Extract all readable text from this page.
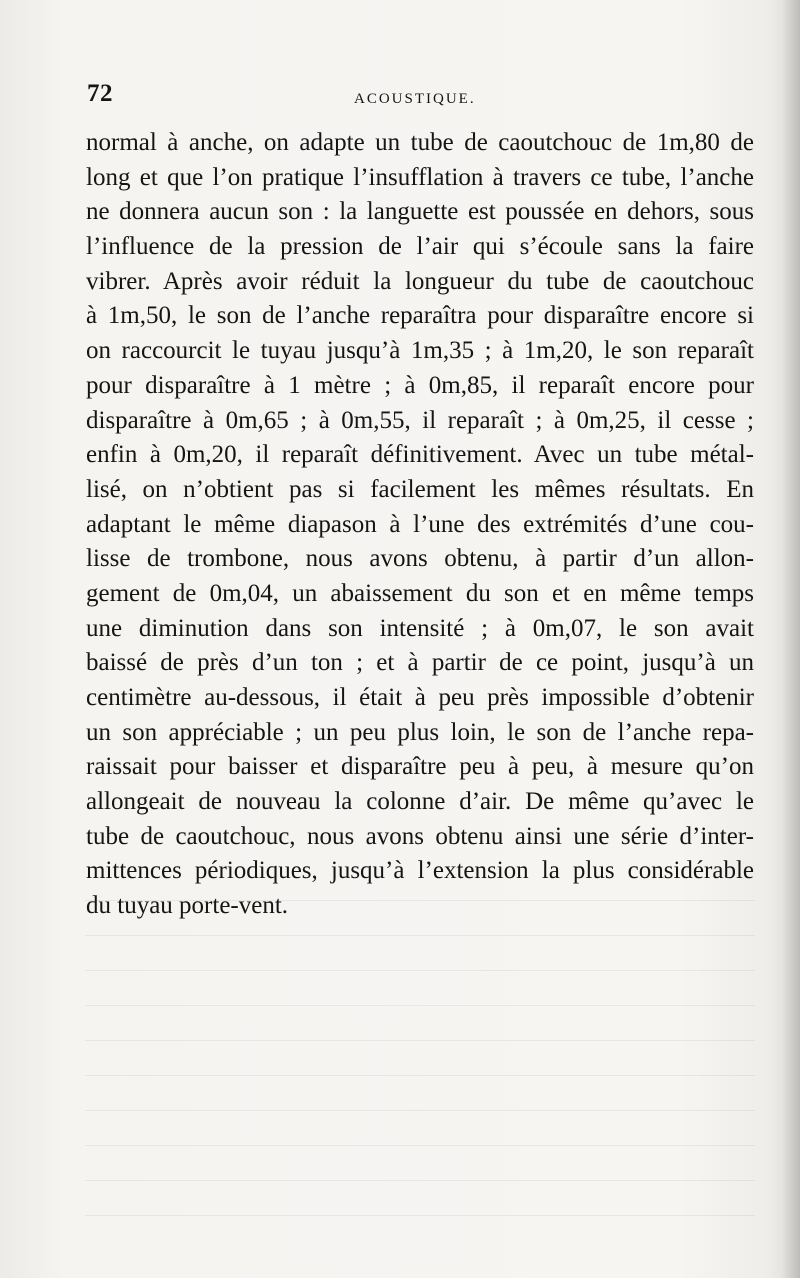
72	ACOUSTIQUE.
normal à anche, on adapte un tube de caoutchouc de 1m,80 de
long et que l’on pratique l’insufflation à travers ce tube, l’anche
ne donnera aucun son : la languette est poussée en dehors, sous
l’influence de la pression de l’air qui s’écoule sans la faire
vibrer. Après avoir réduit la longueur du tube de caoutchouc
à 1m,50, le son de l’anche reparaîtra pour disparaître encore si
on raccourcit le tuyau jusqu’à 1m,35 ; à 1m,20, le son reparaît
pour disparaître à 1 mètre ; à 0m,85, il reparaît encore pour
disparaître à 0m,65 ; à 0m,55, il reparaît ; à 0m,25, il cesse ;
enfin à 0m,20, il reparaît définitivement. Avec un tube métal-
lisé, on n’obtient pas si facilement les mêmes résultats. En
adaptant le même diapason à l’une des extrémités d’une cou-
lisse de trombone, nous avons obtenu, à partir d’un allon-
gement de 0m,04, un abaissement du son et en même temps
une diminution dans son intensité ; à 0m,07, le son avait
baissé de près d’un ton ; et à partir de ce point, jusqu’à un
centimètre au-dessous, il était à peu près impossible d’obtenir
un son appréciable ; un peu plus loin, le son de l’anche repa-
raissait pour baisser et disparaître peu à peu, à mesure qu’on
allongeait de nouveau la colonne d’air. De même qu’avec le
tube de caoutchouc, nous avons obtenu ainsi une série d’inter-
mittences périodiques, jusqu’à l’extension la plus considérable
du tuyau porte-vent.
